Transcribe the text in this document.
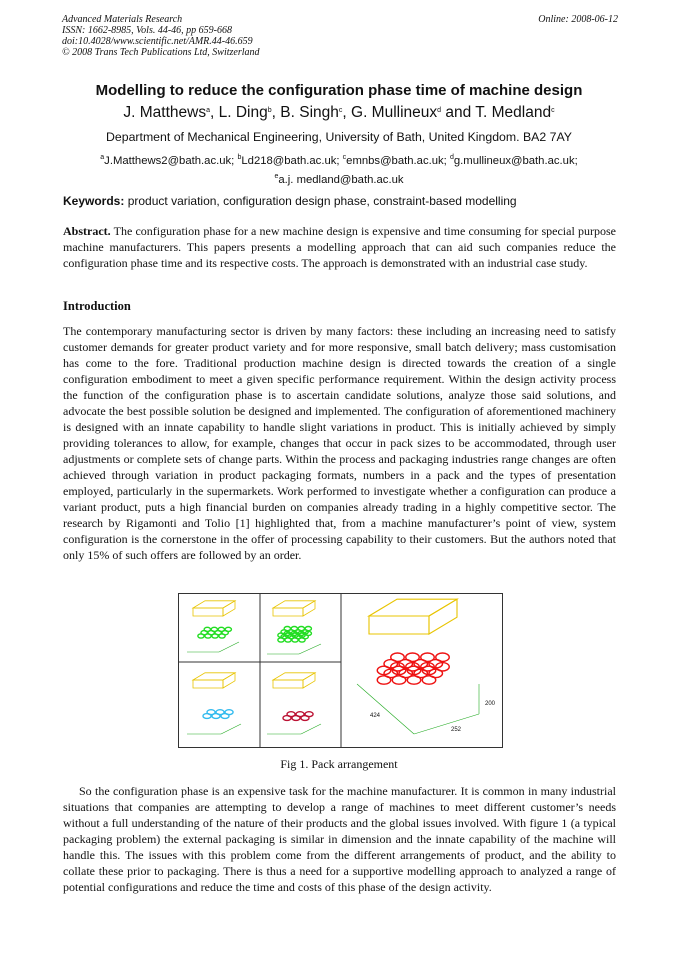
Advanced Materials Research
ISSN: 1662-8985, Vols. 44-46, pp 659-668
doi:10.4028/www.scientific.net/AMR.44-46.659
© 2008 Trans Tech Publications Ltd, Switzerland
Online: 2008-06-12
Modelling to reduce the configuration phase time of machine design
J. Matthews$^a$, L. Ding$^b$, B. Singh$^c$, G. Mullineux$^d$ and T. Medland$^c$
Department of Mechanical Engineering, University of Bath, United Kingdom. BA2 7AY
$^a$J.Matthews2@bath.ac.uk; $^b$Ld218@bath.ac.uk; $^c$emnbs@bath.ac.uk; $^d$g.mullineux@bath.ac.uk;
$^e$a.j. medland@bath.ac.uk
Keywords: product variation, configuration design phase, constraint-based modelling

Abstract. The configuration phase for a new machine design is expensive and time consuming for special purpose machine manufacturers. This papers presents a modelling approach that can aid such companies reduce the configuration phase time and its respective costs. The approach is demonstrated with an industrial case study.

Introduction

The contemporary manufacturing sector is driven by many factors: these including an increasing need to satisfy customer demands for greater product variety and for more responsive, small batch delivery; mass customisation has come to the fore. Traditional production machine design is directed towards the creation of a single configuration embodiment to meet a given specific performance requirement. Within the design activity process the function of the configuration phase is to ascertain candidate solutions, analyze those said solutions, and advocate the best possible solution be designed and implemented. The configuration of aforementioned machinery is designed with an innate capability to handle slight variations in product. This is initially achieved by simply providing tolerances to allow, for example, changes that occur in pack sizes to be accommodated, through user adjustments or complete sets of change parts. Within the process and packaging industries range changes are often achieved through variation in product packaging formats, numbers in a pack and the types of presentation employed, particularly in the supermarkets. Work performed to investigate whether a configuration can produce a variant product, puts a high financial burden on companies already trading in a highly competitive sector. The research by Rigamonti and Tolio [1] highlighted that, from a machine manufacturer’s point of view, system configuration is the cornerstone in the offer of processing capability to their customers. But the authors noted that only 15% of such offers are followed by an order.

424
252
200
Fig 1. Pack arrangement

So the configuration phase is an expensive task for the machine manufacturer. It is common in many industrial situations that companies are attempting to develop a range of machines to meet different customer’s needs without a full understanding of the nature of their products and the global issues involved. With figure 1 (a typical packaging problem) the external packaging is similar in dimension and the innate capability of the machine will handle this. The issues with this problem come from the different arrangements of product, and the ability to collate these prior to packaging. There is thus a need for a supportive modelling approach to analyzed a range of potential configurations and reduce the time and costs of this phase of the design activity.
